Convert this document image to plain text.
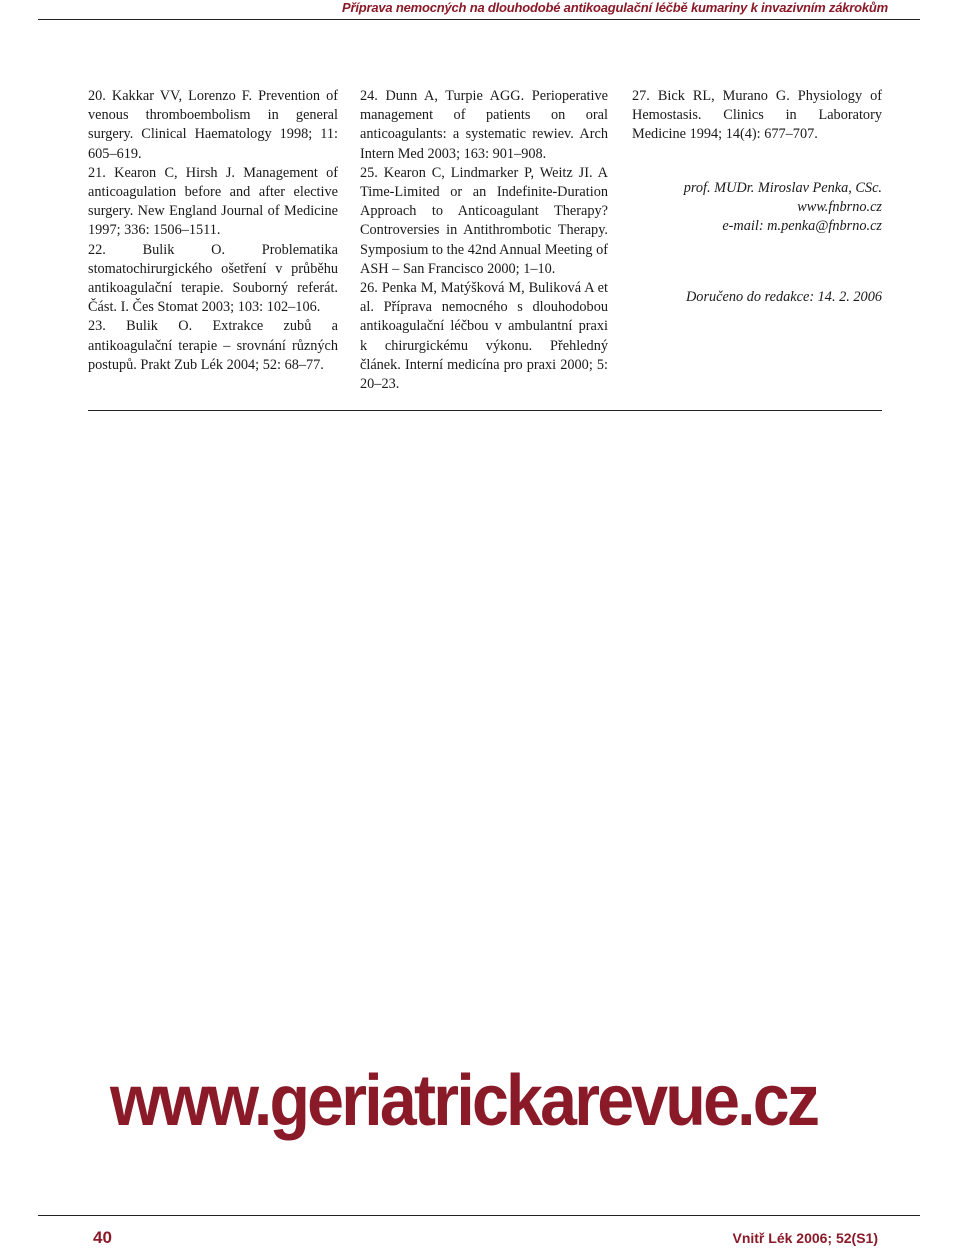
Příprava nemocných na dlouhodobé antikoagulační léčbě kumariny k invazivním zákrokům

20. Kakkar VV, Lorenzo F. Prevention of venous thromboembolism in general surgery. Clinical Haematology 1998; 11: 605–619.

21. Kearon C, Hirsh J. Management of anticoagulation before and after elective surgery. New England Journal of Medicine 1997; 336: 1506–1511.

22. Bulik O. Problematika stomatochirurgického ošetření v průběhu antikoagulační terapie. Souborný referát. Část. I. Čes Stomat 2003; 103: 102–106.

23. Bulik O. Extrakce zubů a antikoagulační terapie – srovnání různých postupů. Prakt Zub Lék 2004; 52: 68–77.

24. Dunn A, Turpie AGG. Perioperative management of patients on oral anticoagulants: a systematic rewiev. Arch Intern Med 2003; 163: 901–908.

25. Kearon C, Lindmarker P, Weitz JI. A Time-Limited or an Indefinite-Duration Approach to Anticoagulant Therapy? Controversies in Antithrombotic Therapy. Symposium to the 42nd Annual Meeting of ASH – San Francisco 2000; 1–10.

26. Penka M, Matýšková M, Buliková A et al. Příprava nemocného s dlouhodobou antikoagulační léčbou v ambulantní praxi k chirurgickému výkonu. Přehledný článek. Interní medicína pro praxi 2000; 5: 20–23.

27. Bick RL, Murano G. Physiology of Hemostasis. Clinics in Laboratory Medicine 1994; 14(4): 677–707.

prof. MUDr. Miroslav Penka, CSc.
www.fnbrno.cz
e-mail: m.penka@fnbrno.cz
Doručeno do redakce: 14. 2. 2006
www.geriatrickarevue.cz
40	Vnitř Lék 2006; 52(S1)
